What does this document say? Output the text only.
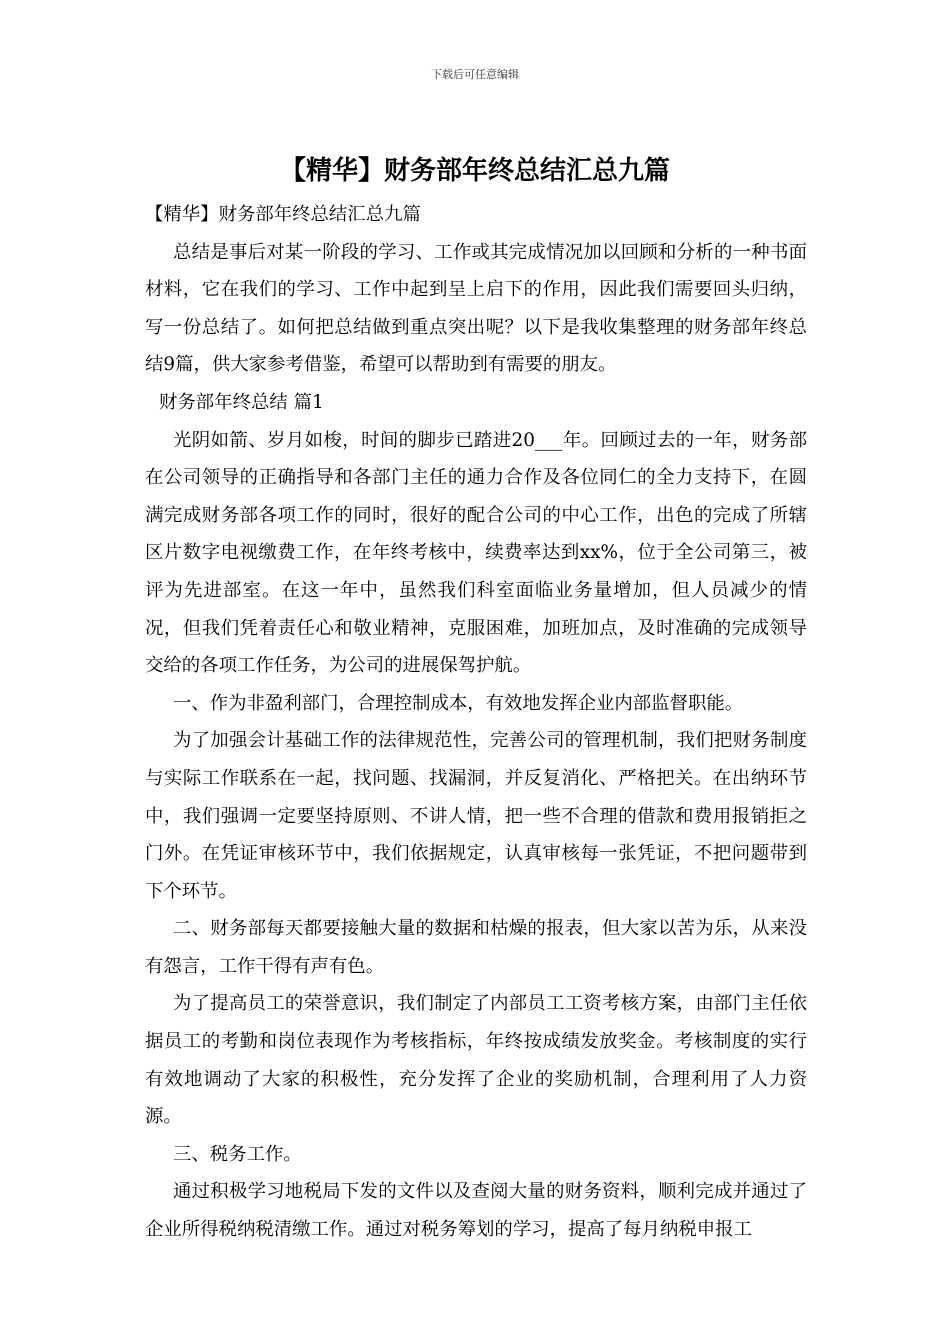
下载后可任意编辑
【精华】财务部年终总结汇总九篇

【精华】财务部年终总结汇总九篇

总结是事后对某一阶段的学习、工作或其完成情况加以回顾和分析的一种书面材料，它在我们的学习、工作中起到呈上启下的作用，因此我们需要回头归纳，写一份总结了。如何把总结做到重点突出呢？以下是我收集整理的财务部年终总结9篇，供大家参考借鉴，希望可以帮助到有需要的朋友。

财务部年终总结 篇1

光阴如箭、岁月如梭，时间的脚步已踏进20___年。回顾过去的一年，财务部在公司领导的正确指导和各部门主任的通力合作及各位同仁的全力支持下，在圆满完成财务部各项工作的同时，很好的配合公司的中心工作，出色的完成了所辖区片数字电视缴费工作，在年终考核中，续费率达到xx%，位于全公司第三，被评为先进部室。在这一年中，虽然我们科室面临业务量增加，但人员减少的情况，但我们凭着责任心和敬业精神，克服困难，加班加点，及时准确的完成领导交给的各项工作任务，为公司的进展保驾护航。

一、作为非盈利部门，合理控制成本，有效地发挥企业内部监督职能。

为了加强会计基础工作的法律规范性，完善公司的管理机制，我们把财务制度与实际工作联系在一起，找问题、找漏洞，并反复消化、严格把关。在出纳环节中，我们强调一定要坚持原则、不讲人情，把一些不合理的借款和费用报销拒之门外。在凭证审核环节中，我们依据规定，认真审核每一张凭证，不把问题带到下个环节。

二、财务部每天都要接触大量的数据和枯燥的报表，但大家以苦为乐，从来没有怨言，工作干得有声有色。

为了提高员工的荣誉意识，我们制定了内部员工工资考核方案，由部门主任依据员工的考勤和岗位表现作为考核指标，年终按成绩发放奖金。考核制度的实行有效地调动了大家的积极性，充分发挥了企业的奖励机制，合理利用了人力资源。

三、税务工作。

通过积极学习地税局下发的文件以及查阅大量的财务资料，顺利完成并通过了企业所得税纳税清缴工作。通过对税务筹划的学习，提高了每月纳税申报工
